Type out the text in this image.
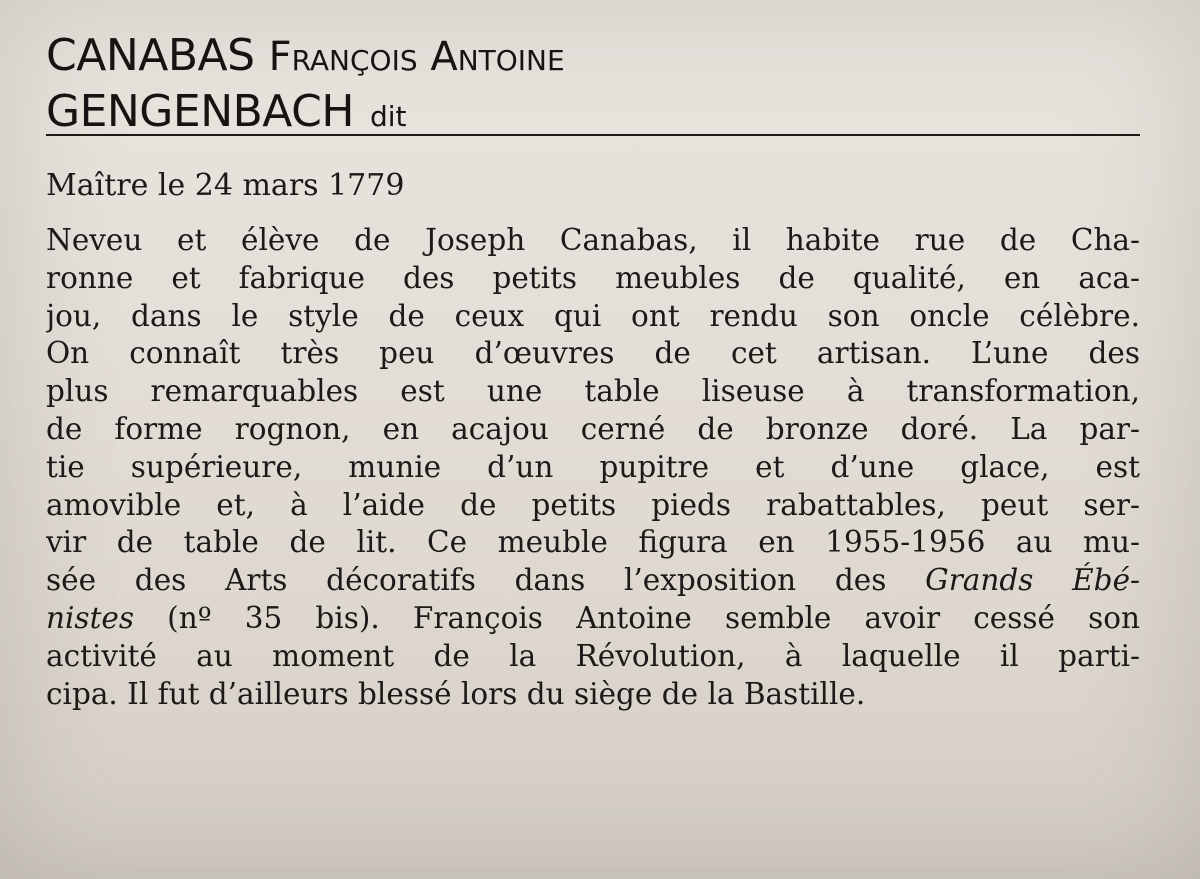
CANABAS François Antoine
GENGENBACH dit
Maître le 24 mars 1779
Neveu et élève de Joseph Canabas, il habite rue de Cha-
ronne et fabrique des petits meubles de qualité, en aca-
jou, dans le style de ceux qui ont rendu son oncle célèbre.
On connaît très peu d’œuvres de cet artisan. L’une des
plus remarquables est une table liseuse à transformation,
de forme rognon, en acajou cerné de bronze doré. La par-
tie supérieure, munie d’un pupitre et d’une glace, est
amovible et, à l’aide de petits pieds rabattables, peut ser-
vir de table de lit. Ce meuble figura en 1955-1956 au mu-
sée des Arts décoratifs dans l’exposition des Grands Ébé-
nistes (nº 35 bis). François Antoine semble avoir cessé son
activité au moment de la Révolution, à laquelle il parti-
cipa. Il fut d’ailleurs blessé lors du siège de la Bastille.
